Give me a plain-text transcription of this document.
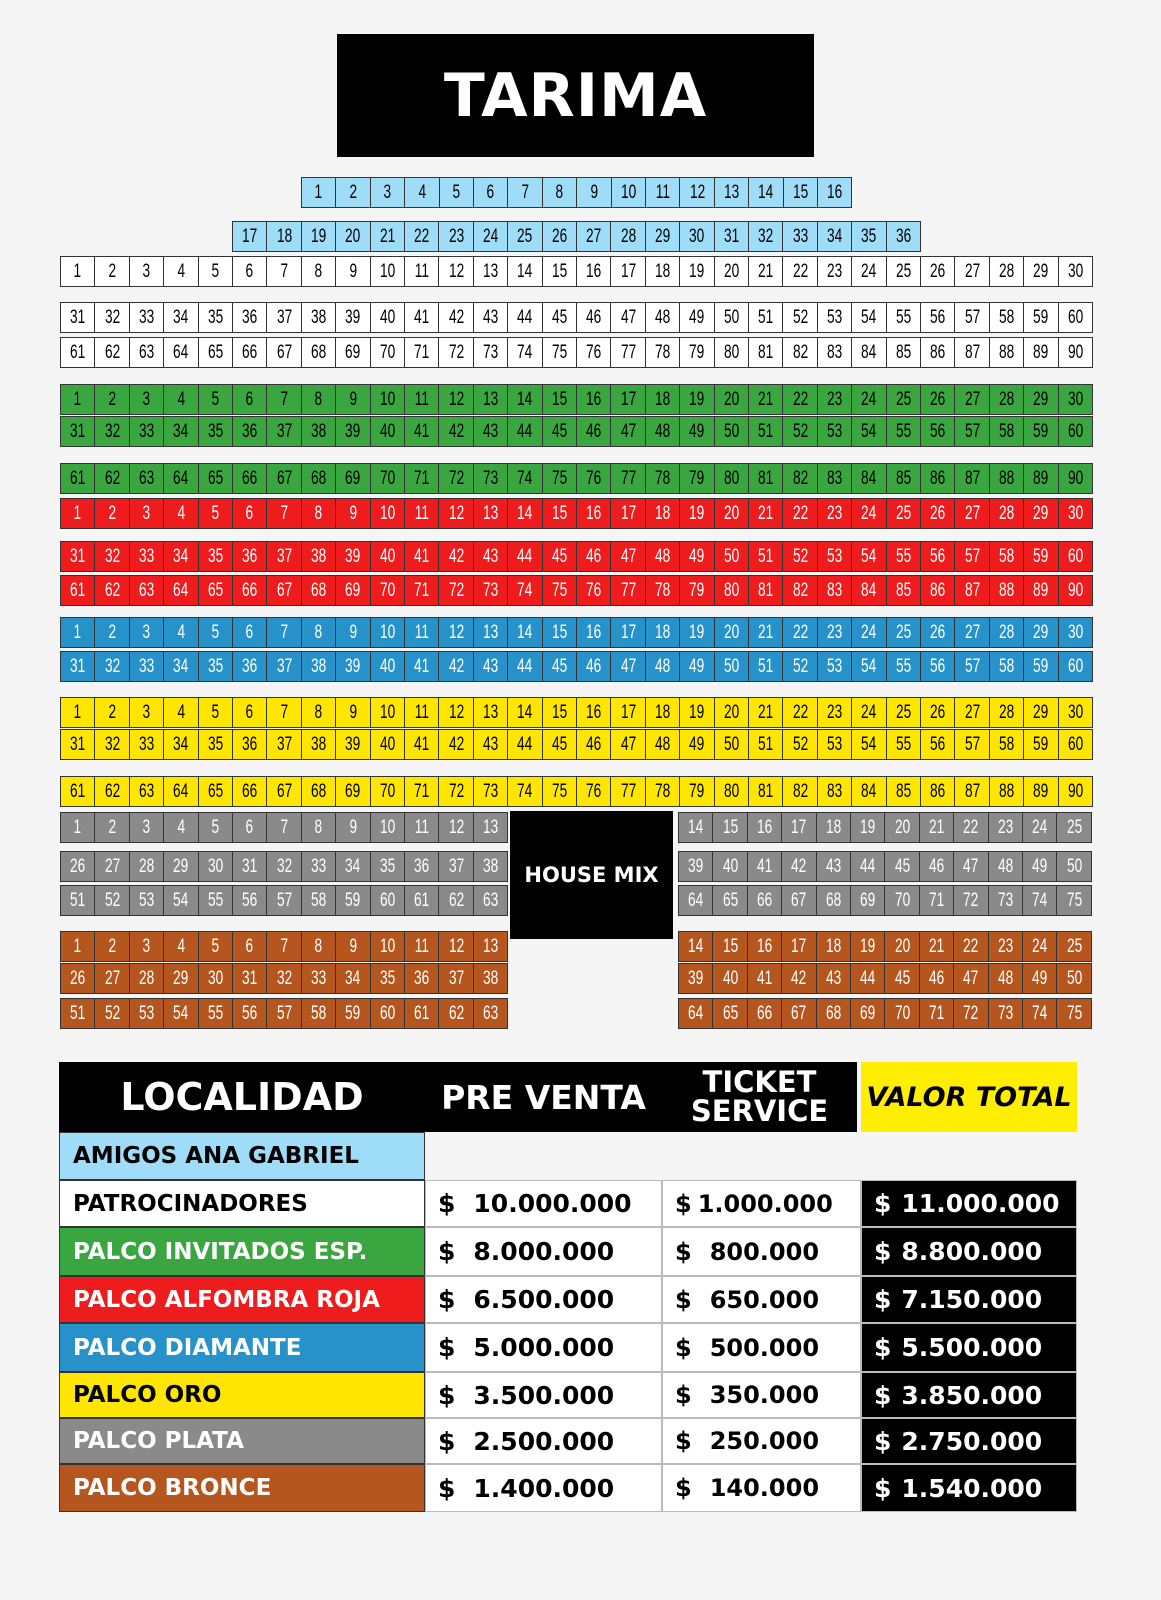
TARIMA
1 2 3 4 5 6 7 8 9 10 11 12 13 14 15 16
17 18 19 20 21 22 23 24 25 26 27 28 29 30 31 32 33 34 35 36
1 2 3 4 5 6 7 8 9 10 11 12 13 14 15 16 17 18 19 20 21 22 23 24 25 26 27 28 29 30
31 32 33 34 35 36 37 38 39 40 41 42 43 44 45 46 47 48 49 50 51 52 53 54 55 56 57 58 59 60
61 62 63 64 65 66 67 68 69 70 71 72 73 74 75 76 77 78 79 80 81 82 83 84 85 86 87 88 89 90
1 2 3 4 5 6 7 8 9 10 11 12 13 14 15 16 17 18 19 20 21 22 23 24 25 26 27 28 29 30
31 32 33 34 35 36 37 38 39 40 41 42 43 44 45 46 47 48 49 50 51 52 53 54 55 56 57 58 59 60
61 62 63 64 65 66 67 68 69 70 71 72 73 74 75 76 77 78 79 80 81 82 83 84 85 86 87 88 89 90
1 2 3 4 5 6 7 8 9 10 11 12 13 14 15 16 17 18 19 20 21 22 23 24 25 26 27 28 29 30
31 32 33 34 35 36 37 38 39 40 41 42 43 44 45 46 47 48 49 50 51 52 53 54 55 56 57 58 59 60
61 62 63 64 65 66 67 68 69 70 71 72 73 74 75 76 77 78 79 80 81 82 83 84 85 86 87 88 89 90
1 2 3 4 5 6 7 8 9 10 11 12 13 14 15 16 17 18 19 20 21 22 23 24 25 26 27 28 29 30
31 32 33 34 35 36 37 38 39 40 41 42 43 44 45 46 47 48 49 50 51 52 53 54 55 56 57 58 59 60
1 2 3 4 5 6 7 8 9 10 11 12 13 14 15 16 17 18 19 20 21 22 23 24 25 26 27 28 29 30
31 32 33 34 35 36 37 38 39 40 41 42 43 44 45 46 47 48 49 50 51 52 53 54 55 56 57 58 59 60
61 62 63 64 65 66 67 68 69 70 71 72 73 74 75 76 77 78 79 80 81 82 83 84 85 86 87 88 89 90
1 2 3 4 5 6 7 8 9 10 11 12 13	14 15 16 17 18 19 20 21 22 23 24 25
26 27 28 29 30 31 32 33 34 35 36 37 38	39 40 41 42 43 44 45 46 47 48 49 50
51 52 53 54 55 56 57 58 59 60 61 62 63	64 65 66 67 68 69 70 71 72 73 74 75
1 2 3 4 5 6 7 8 9 10 11 12 13	14 15 16 17 18 19 20 21 22 23 24 25
26 27 28 29 30 31 32 33 34 35 36 37 38	39 40 41 42 43 44 45 46 47 48 49 50
51 52 53 54 55 56 57 58 59 60 61 62 63	64 65 66 67 68 69 70 71 72 73 74 75
HOUSE MIX
LOCALIDAD	PRE VENTA	TICKET SERVICE	VALOR TOTAL
AMIGOS ANA GABRIEL
PATROCINADORES	$ 10.000.000 $ 1.000.000 $ 11.000.000
PALCO INVITADOS ESP.	$ 8.000.000	$ 800.000 $ 8.800.000
PALCO ALFOMBRA ROJA	$ 6.500.000	$ 650.000 $ 7.150.000
PALCO DIAMANTE	$ 5.000.000	$ 500.000 $ 5.500.000
PALCO ORO	$ 3.500.000	$ 350.000 $ 3.850.000
PALCO PLATA	$ 2.500.000	$ 250.000 $ 2.750.000
PALCO BRONCE	$ 1.400.000	$ 140.000 $ 1.540.000
